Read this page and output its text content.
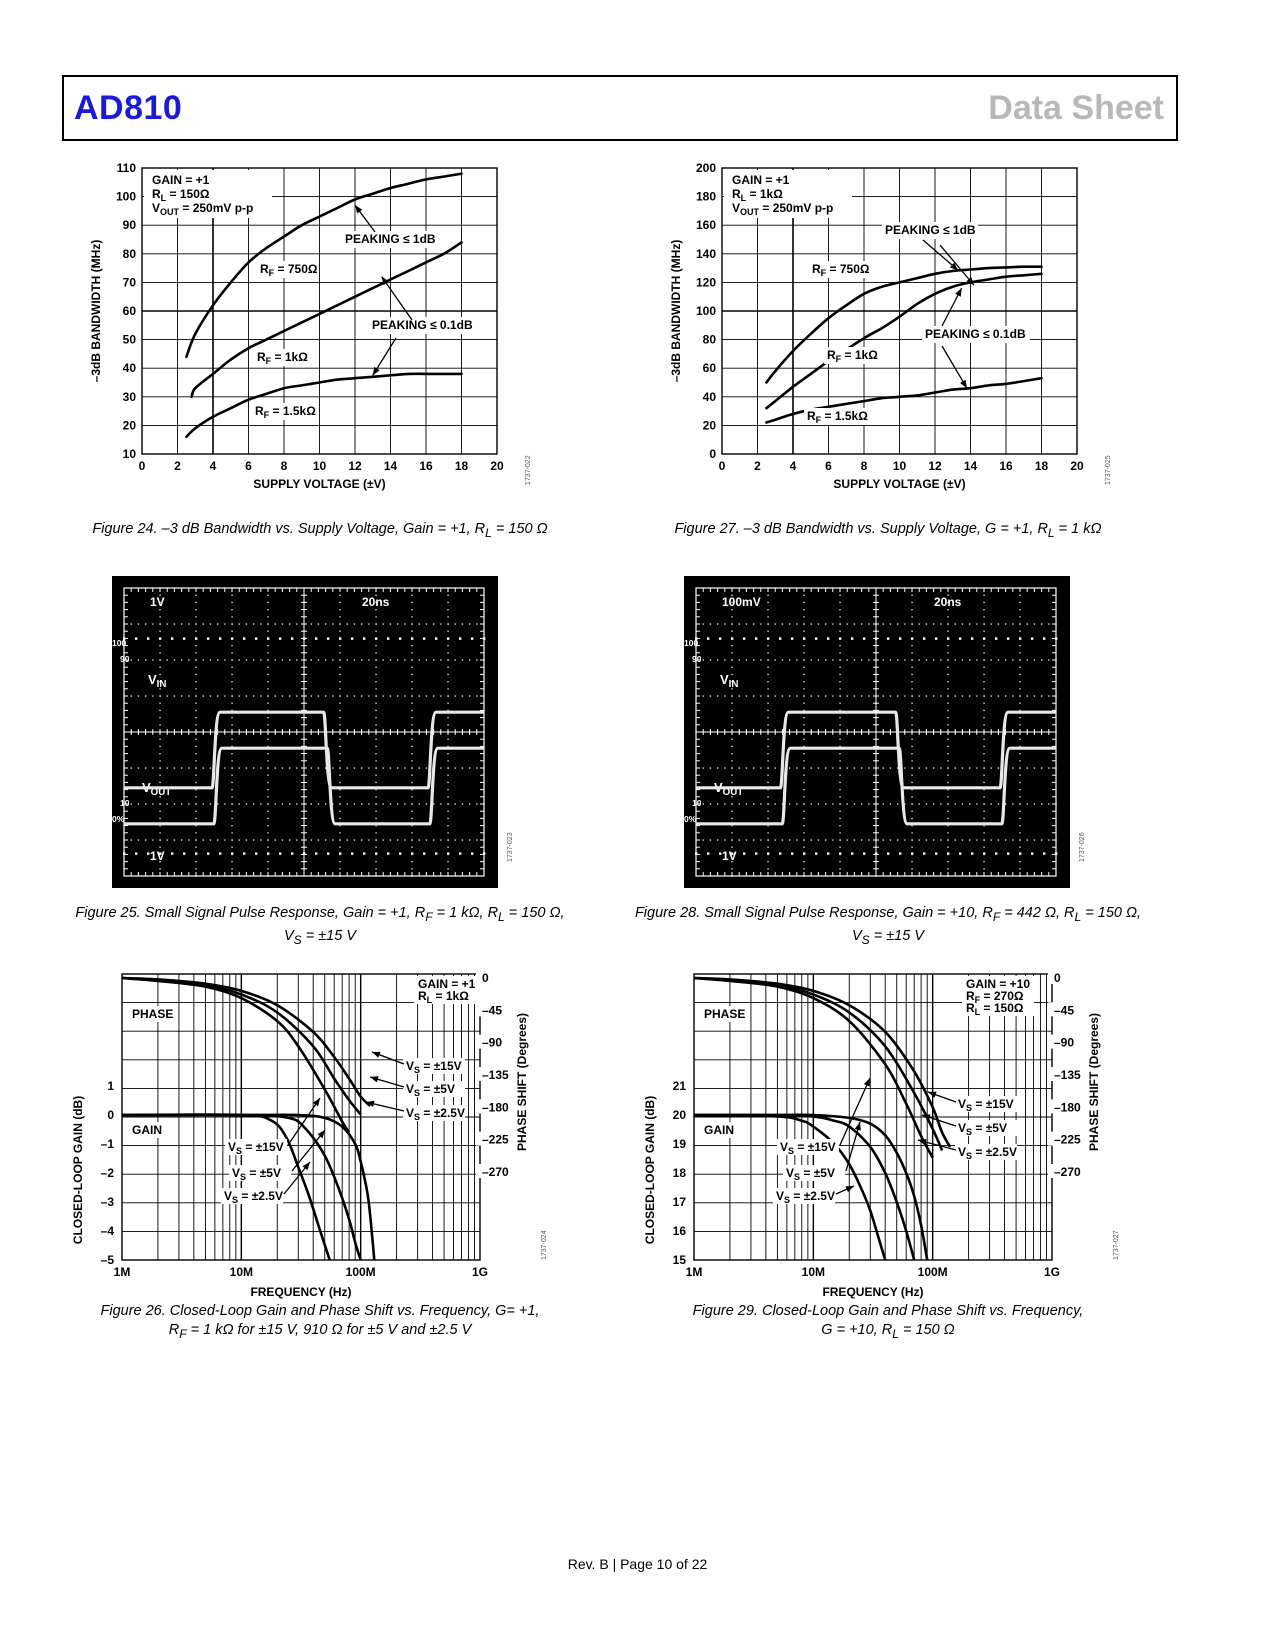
AD810	Data Sheet
0 2 4 6 8 10 12 14 16 18 20
10
20
30
40
50
60
70
80
90
100
110
SUPPLY VOLTAGE (±V)
–3dB BANDWIDTH (MHz)
1737-022
GAIN = +1
$R_L = 150\Omega$
$V_{OUT} = 250mV$ p-p
$R_F = 750\Omega$
$R_F = 1k\Omega$
$R_F = 1.5k\Omega$
PEAKING ≤ 1dB
PEAKING ≤ 0.1dB
Figure 24. –3 dB Bandwidth vs. Supply Voltage, Gain = +1, $R_L = 150$ Ω
0 2 4 6 8 10 12 14 16 18 20
0
20
40
60
80
100
120
140
160
180
200
SUPPLY VOLTAGE (±V)
–3dB BANDWIDTH (MHz)
1737-025
GAIN = +1
$R_L = 1k\Omega$
$V_{OUT} = 250mV$ p-p
$R_F = 750\Omega$
$R_F = 1k\Omega$
$R_F = 1.5k\Omega$
PEAKING ≤ 1dB
PEAKING ≤ 0.1dB
Figure 27. –3 dB Bandwidth vs. Supply Voltage, G = +1, $R_L = 1$ kΩ
1V	20ns
1V
100
90
10
0%
$V_{IN}$
$V_{OUT}$
1737-023
Figure 25. Small Signal Pulse Response, Gain = +1, $R_F = 1$ kΩ, $R_L = 150$ Ω,
$V_S = \pm 15$ V
100mV	20ns
1V
100
90
10
0%
$V_{IN}$
$V_{OUT}$
1737-026
Figure 28. Small Signal Pulse Response, Gain = +10, $R_F = 442$ Ω, $R_L = 150$ Ω,
$V_S = \pm 15$ V
1M	10M	100M	1G
FREQUENCY (Hz)
1
0
–1
–2
–3
–4
–5
0
–45
–90
–135
–180
–225
–270
CLOSED-LOOP GAIN (dB)
PHASE SHIFT (Degrees)
1737-024
PHASE
GAIN
GAIN = +1
$R_L = 1k\Omega$
$V_S = \pm 15V$
$V_S = \pm 5V$
$V_S = \pm 2.5V$
$V_S = \pm 15V$
$V_S = \pm 5V$
$V_S = \pm 2.5V$
Figure 26. Closed-Loop Gain and Phase Shift vs. Frequency, G= +1,
$R_F = 1$ kΩ for ±15 V, 910 Ω for ±5 V and ±2.5 V
1M	10M	100M	1G
FREQUENCY (Hz)
21
20
19
18
17
16
15
0
–45
–90
–135
–180
–225
–270
CLOSED-LOOP GAIN (dB)
PHASE SHIFT (Degrees)
1737-027
PHASE
GAIN
GAIN = +10
$R_F = 270\Omega$
$R_L = 150\Omega$
$V_S = \pm 15V$
$V_S = \pm 5V$
$V_S = \pm 2.5V$
$V_S = \pm 15V$
$V_S = \pm 5V$
$V_S = \pm 2.5V$
Figure 29. Closed-Loop Gain and Phase Shift vs. Frequency,
G = +10, $R_L = 150$ Ω
Rev. B | Page 10 of 22
